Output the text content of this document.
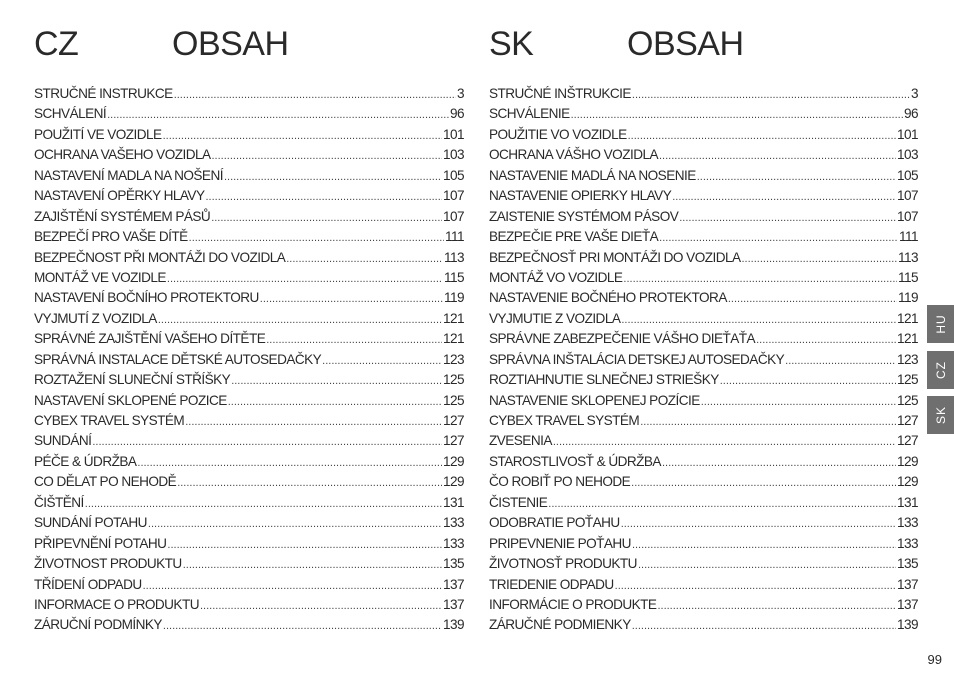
CZ	OBSAH
STRUČNÉ INSTRUKCE .....	3
SCHVÁLENÍ .....	96
POUŽITÍ VE VOZIDLE .....	101
OCHRANA VAŠEHO VOZIDLA .....	103
NASTAVENÍ MADLA NA NOŠENÍ .....	105
NASTAVENÍ OPĚRKY HLAVY .....	107
ZAJIŠTĚNÍ SYSTÉMEM PÁSŮ .....	107
BEZPEČÍ PRO VAŠE DÍTĚ .....	111
BEZPEČNOST PŘI MONTÁŽI DO VOZIDLA .....	113
MONTÁŽ VE VOZIDLE .....	115
NASTAVENÍ BOČNÍHO PROTEKTORU .....	119
VYJMUTÍ Z VOZIDLA .....	121
SPRÁVNÉ ZAJIŠTĚNÍ VAŠEHO DÍTĚTE .....	121
SPRÁVNÁ INSTALACE DĚTSKÉ AUTOSEDAČKY .....	123
ROZTAŽENÍ SLUNEČNÍ STŘÍŠKY .....	125
NASTAVENÍ SKLOPENÉ POZICE .....	125
CYBEX TRAVEL SYSTÉM .....	127
SUNDÁNÍ .....	127
PÉČE & ÚDRŽBA .....	129
CO DĚLAT PO NEHODĚ .....	129
ČIŠTĚNÍ .....	131
SUNDÁNÍ POTAHU .....	133
PŘIPEVNĚNÍ POTAHU .....	133
ŽIVOTNOST PRODUKTU .....	135
TŘÍDENÍ ODPADU .....	137
INFORMACE O PRODUKTU .....	137
ZÁRUČNÍ PODMÍNKY .....	139
SK	OBSAH
STRUČNÉ INŠTRUKCIE .....	3
SCHVÁLENIE .....	96
POUŽITIE VO VOZIDLE .....	101
OCHRANA VÁŠHO VOZIDLA .....	103
NASTAVENIE MADLÁ NA NOSENIE .....	105
NASTAVENIE OPIERKY HLAVY .....	107
ZAISTENIE SYSTÉMOM PÁSOV .....	107
BEZPEČIE PRE VAŠE DIEŤA .....	111
BEZPEČNOSŤ PRI MONTÁŽI DO VOZIDLA .....	113
MONTÁŽ VO VOZIDLE .....	115
NASTAVENIE BOČNÉHO PROTEKTORA .....	119
VYJMUTIE Z VOZIDLA .....	121
SPRÁVNE ZABEZPEČENIE VÁŠHO DIEŤAŤA .....	121
SPRÁVNA INŠTALÁCIA DETSKEJ AUTOSEDAČKY .....	123
ROZTIAHNUTIE SLNEČNEJ STRIEŠKY .....	125
NASTAVENIE SKLOPENEJ POZÍCIE .....	125
CYBEX TRAVEL SYSTÉM .....	127
ZVESENIA .....	127
STAROSTLIVOSŤ & ÚDRŽBA .....	129
ČO ROBIŤ PO NEHODE .....	129
ČISTENIE .....	131
ODOBRATIE POŤAHU .....	133
PRIPEVNENIE POŤAHU .....	133
ŽIVOTNOSŤ PRODUKTU .....	135
TRIEDENIE ODPADU .....	137
INFORMÁCIE O PRODUKTE .....	137
ZÁRUČNÉ PODMIENKY .....	139
HU
CZ
SK
99
